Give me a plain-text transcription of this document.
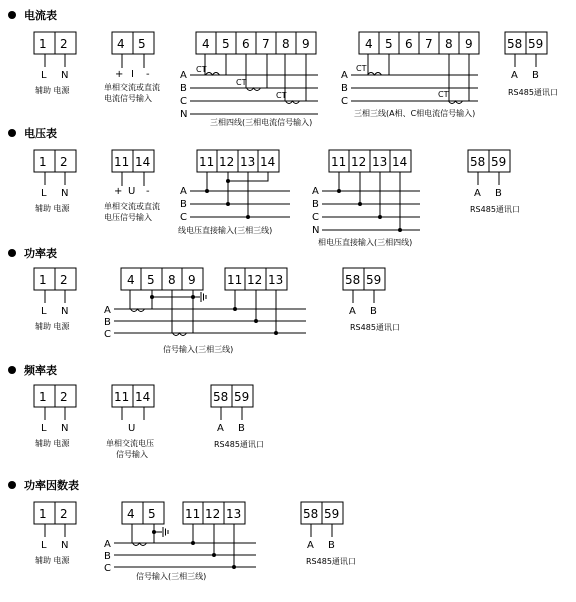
电流表
1 2
L N
辅助 电源
4 5
+ I -
单相交流或直流
电流信号输入
4 5 6 7 8 9
A
B
C
N
CT
CT
CT
三相四线(三相电流信号输入)
4 5 6 7 8 9
A
B
C
CT
CT
三相三线(A相、C相电流信号输入)
58 59
A B
RS485通讯口
电压表
1 2
L N
辅助 电源
11 14
+ U -
单相交流或直流
电压信号输入
11 12 13 14
A
B
C
线电压直接输入(三相三线)
11 12 13 14
A
B
C
N
相电压直接输入(三相四线)
58 59
A B
RS485通讯口
功率表
1 2
L N
辅助 电源
4 5 8 9	11 12 13
A
B
C
信号输入(三相三线)
58 59
A B
RS485通讯口
频率表
1 2
L N
辅助 电源
11 14
U
单相交流电压
信号输入
58 59
A B
RS485通讯口
功率因数表
1 2
L N
辅助 电源
4 5 11 12 13
A
B
C
信号输入(三相三线)
58 59
A B
RS485通讯口
